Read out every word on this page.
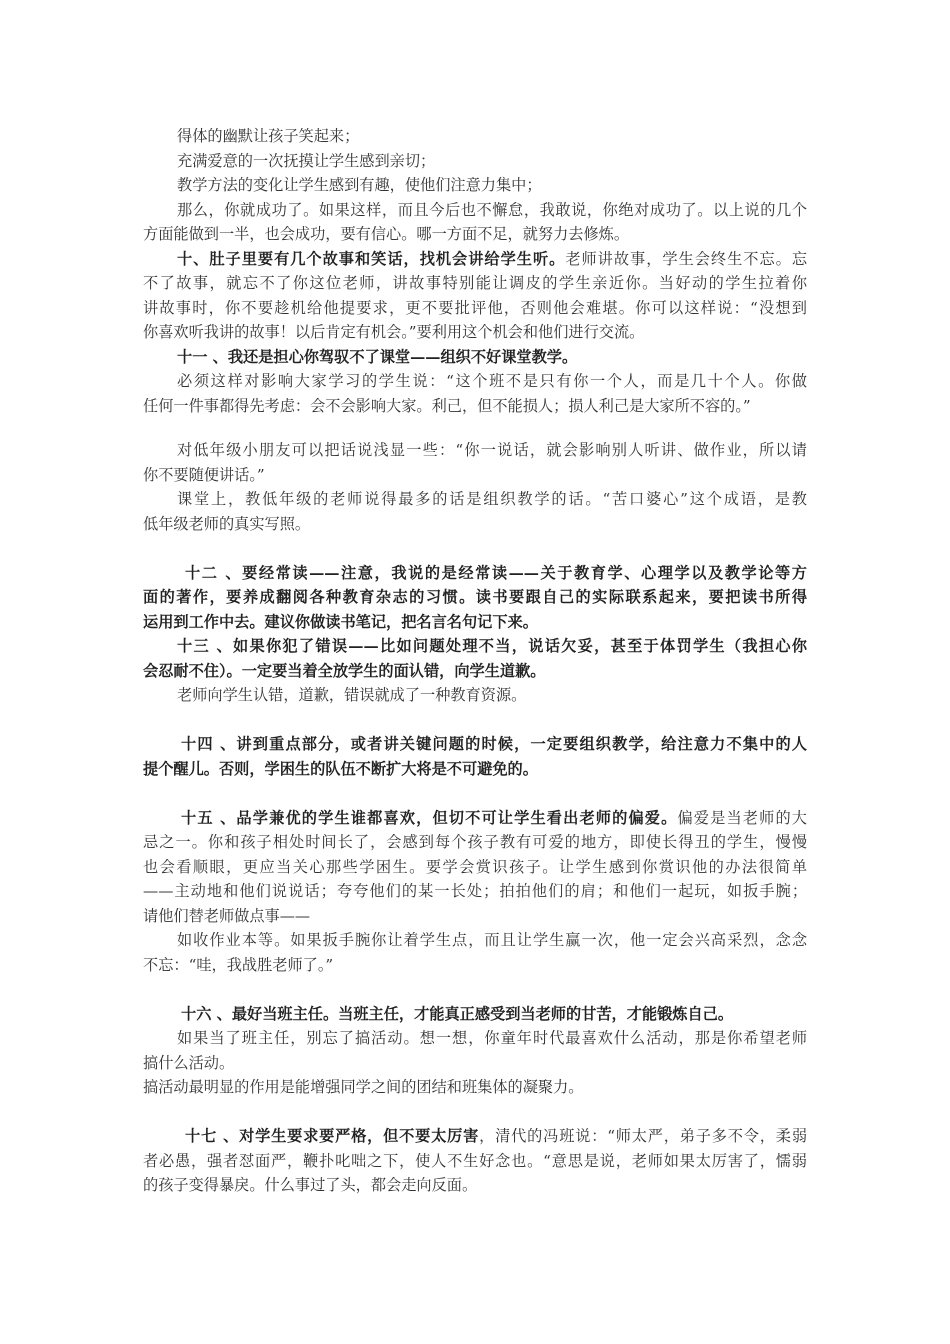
得体的幽默让孩子笑起来；
充满爱意的一次抚摸让学生感到亲切；
教学方法的变化让学生感到有趣，使他们注意力集中；
那么，你就成功了。如果这样，而且今后也不懈怠，我敢说，你绝对成功了。以上说的几个
方面能做到一半，也会成功，要有信心。哪一方面不足，就努力去修炼。
十、肚子里要有几个故事和笑话，找机会讲给学生听。老师讲故事，学生会终生不忘。忘
不了故事，就忘不了你这位老师，讲故事特别能让调皮的学生亲近你。当好动的学生拉着你
讲故事时，你不要趁机给他提要求，更不要批评他，否则他会难堪。你可以这样说：“没想到
你喜欢听我讲的故事！以后肯定有机会。”要利用这个机会和他们进行交流。
十一 、我还是担心你驾驭不了课堂——组织不好课堂教学。
必须这样对影响大家学习的学生说：“这个班不是只有你一个人，而是几十个人。你做
任何一件事都得先考虑：会不会影响大家。利己，但不能损人；损人利己是大家所不容的。”
对低年级小朋友可以把话说浅显一些：“你一说话，就会影响别人听讲、做作业，所以请
你不要随便讲话。”
课堂上，教低年级的老师说得最多的话是组织教学的话。“苦口婆心”这个成语，是教
低年级老师的真实写照。
十二 、要经常读——注意，我说的是经常读——关于教育学、心理学以及教学论等方
面的著作，要养成翻阅各种教育杂志的习惯。读书要跟自己的实际联系起来，要把读书所得
运用到工作中去。建议你做读书笔记，把名言名句记下来。
十三 、如果你犯了错误——比如问题处理不当，说话欠妥，甚至于体罚学生（我担心你
会忍耐不住）。一定要当着全放学生的面认错，向学生道歉。
老师向学生认错，道歉，错误就成了一种教育资源。
十四 、讲到重点部分，或者讲关键问题的时候，一定要组织教学，给注意力不集中的人
提个醒儿。否则，学困生的队伍不断扩大将是不可避免的。
十五 、品学兼优的学生谁都喜欢，但切不可让学生看出老师的偏爱。偏爱是当老师的大
忌之一。你和孩子相处时间长了，会感到每个孩子教有可爱的地方，即使长得丑的学生，慢慢
也会看顺眼，更应当关心那些学困生。要学会赏识孩子。让学生感到你赏识他的办法很简单
——主动地和他们说说话；夸夸他们的某一长处；拍拍他们的肩；和他们一起玩，如扳手腕；
请他们替老师做点事——
如收作业本等。如果扳手腕你让着学生点，而且让学生赢一次，他一定会兴高采烈，念念
不忘：“哇，我战胜老师了。”
十六 、最好当班主任。当班主任，才能真正感受到当老师的甘苦，才能锻炼自己。
如果当了班主任，别忘了搞活动。想一想，你童年时代最喜欢什么活动，那是你希望老师
搞什么活动。
搞活动最明显的作用是能增强同学之间的团结和班集体的凝聚力。
十七 、对学生要求要严格，但不要太厉害，清代的冯班说：“师太严，弟子多不令，柔弱
者必愚，强者怼面严，鞭扑叱咄之下，使人不生好念也。“意思是说，老师如果太厉害了，懦弱
的孩子变得暴戾。什么事过了头，都会走向反面。
